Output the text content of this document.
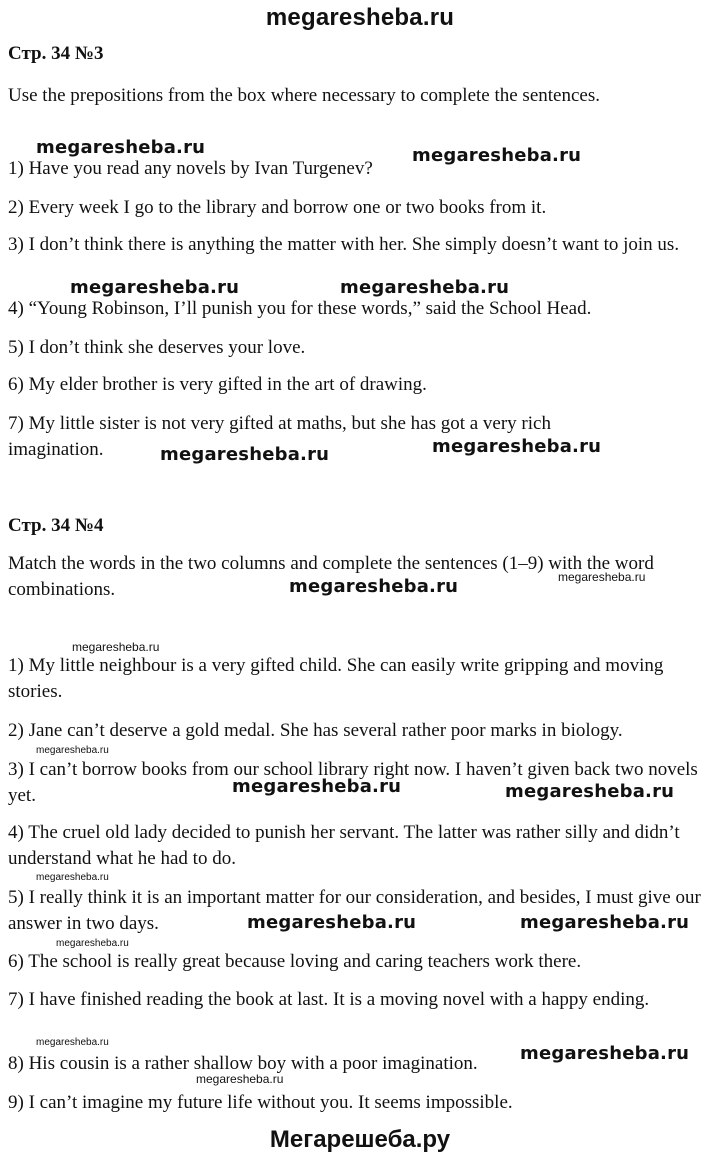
megaresheba.ru
Стр. 34 №3
Use the prepositions from the box where necessary to complete the sentences.
1) Have you read any novels by Ivan Turgenev?
2) Every week I go to the library and borrow one or two books from it.
3) I don’t think there is anything the matter with her. She simply doesn’t want to join us.
4) “Young Robinson, I’ll punish you for these words,” said the School Head.
5) I don’t think she deserves your love.
6) My elder brother is very gifted in the art of drawing.
7) My little sister is not very gifted at maths, but she has got a very rich imagination.
Стр. 34 №4
Match the words in the two columns and complete the sentences (1–9) with the word combinations.
1) My little neighbour is a very gifted child. She can easily write gripping and moving stories.
2) Jane can’t deserve a gold medal. She has several rather poor marks in biology.
3) I can’t borrow books from our school library right now. I haven’t given back two novels yet.
4) The cruel old lady decided to punish her servant. The latter was rather silly and didn’t understand what he had to do.
5) I really think it is an important matter for our consideration, and besides, I must give our answer in two days.
6) The school is really great because loving and caring teachers work there.
7) I have finished reading the book at last. It is a moving novel with a happy ending.
8) His cousin is a rather shallow boy with a poor imagination.
9) I can’t imagine my future life without you. It seems impossible.
megaresheba.ru	megaresheba.ru
megaresheba.ru	megaresheba.ru
megaresheba.ru	megaresheba.ru
megaresheba.ru	megaresheba.ru
megaresheba.ru
megaresheba.ru
megaresheba.ru	megaresheba.ru
megaresheba.ru
megaresheba.ru	megaresheba.ru
megaresheba.ru
megaresheba.ru
megaresheba.ru
megaresheba.ru
Мегарешеба.ру
